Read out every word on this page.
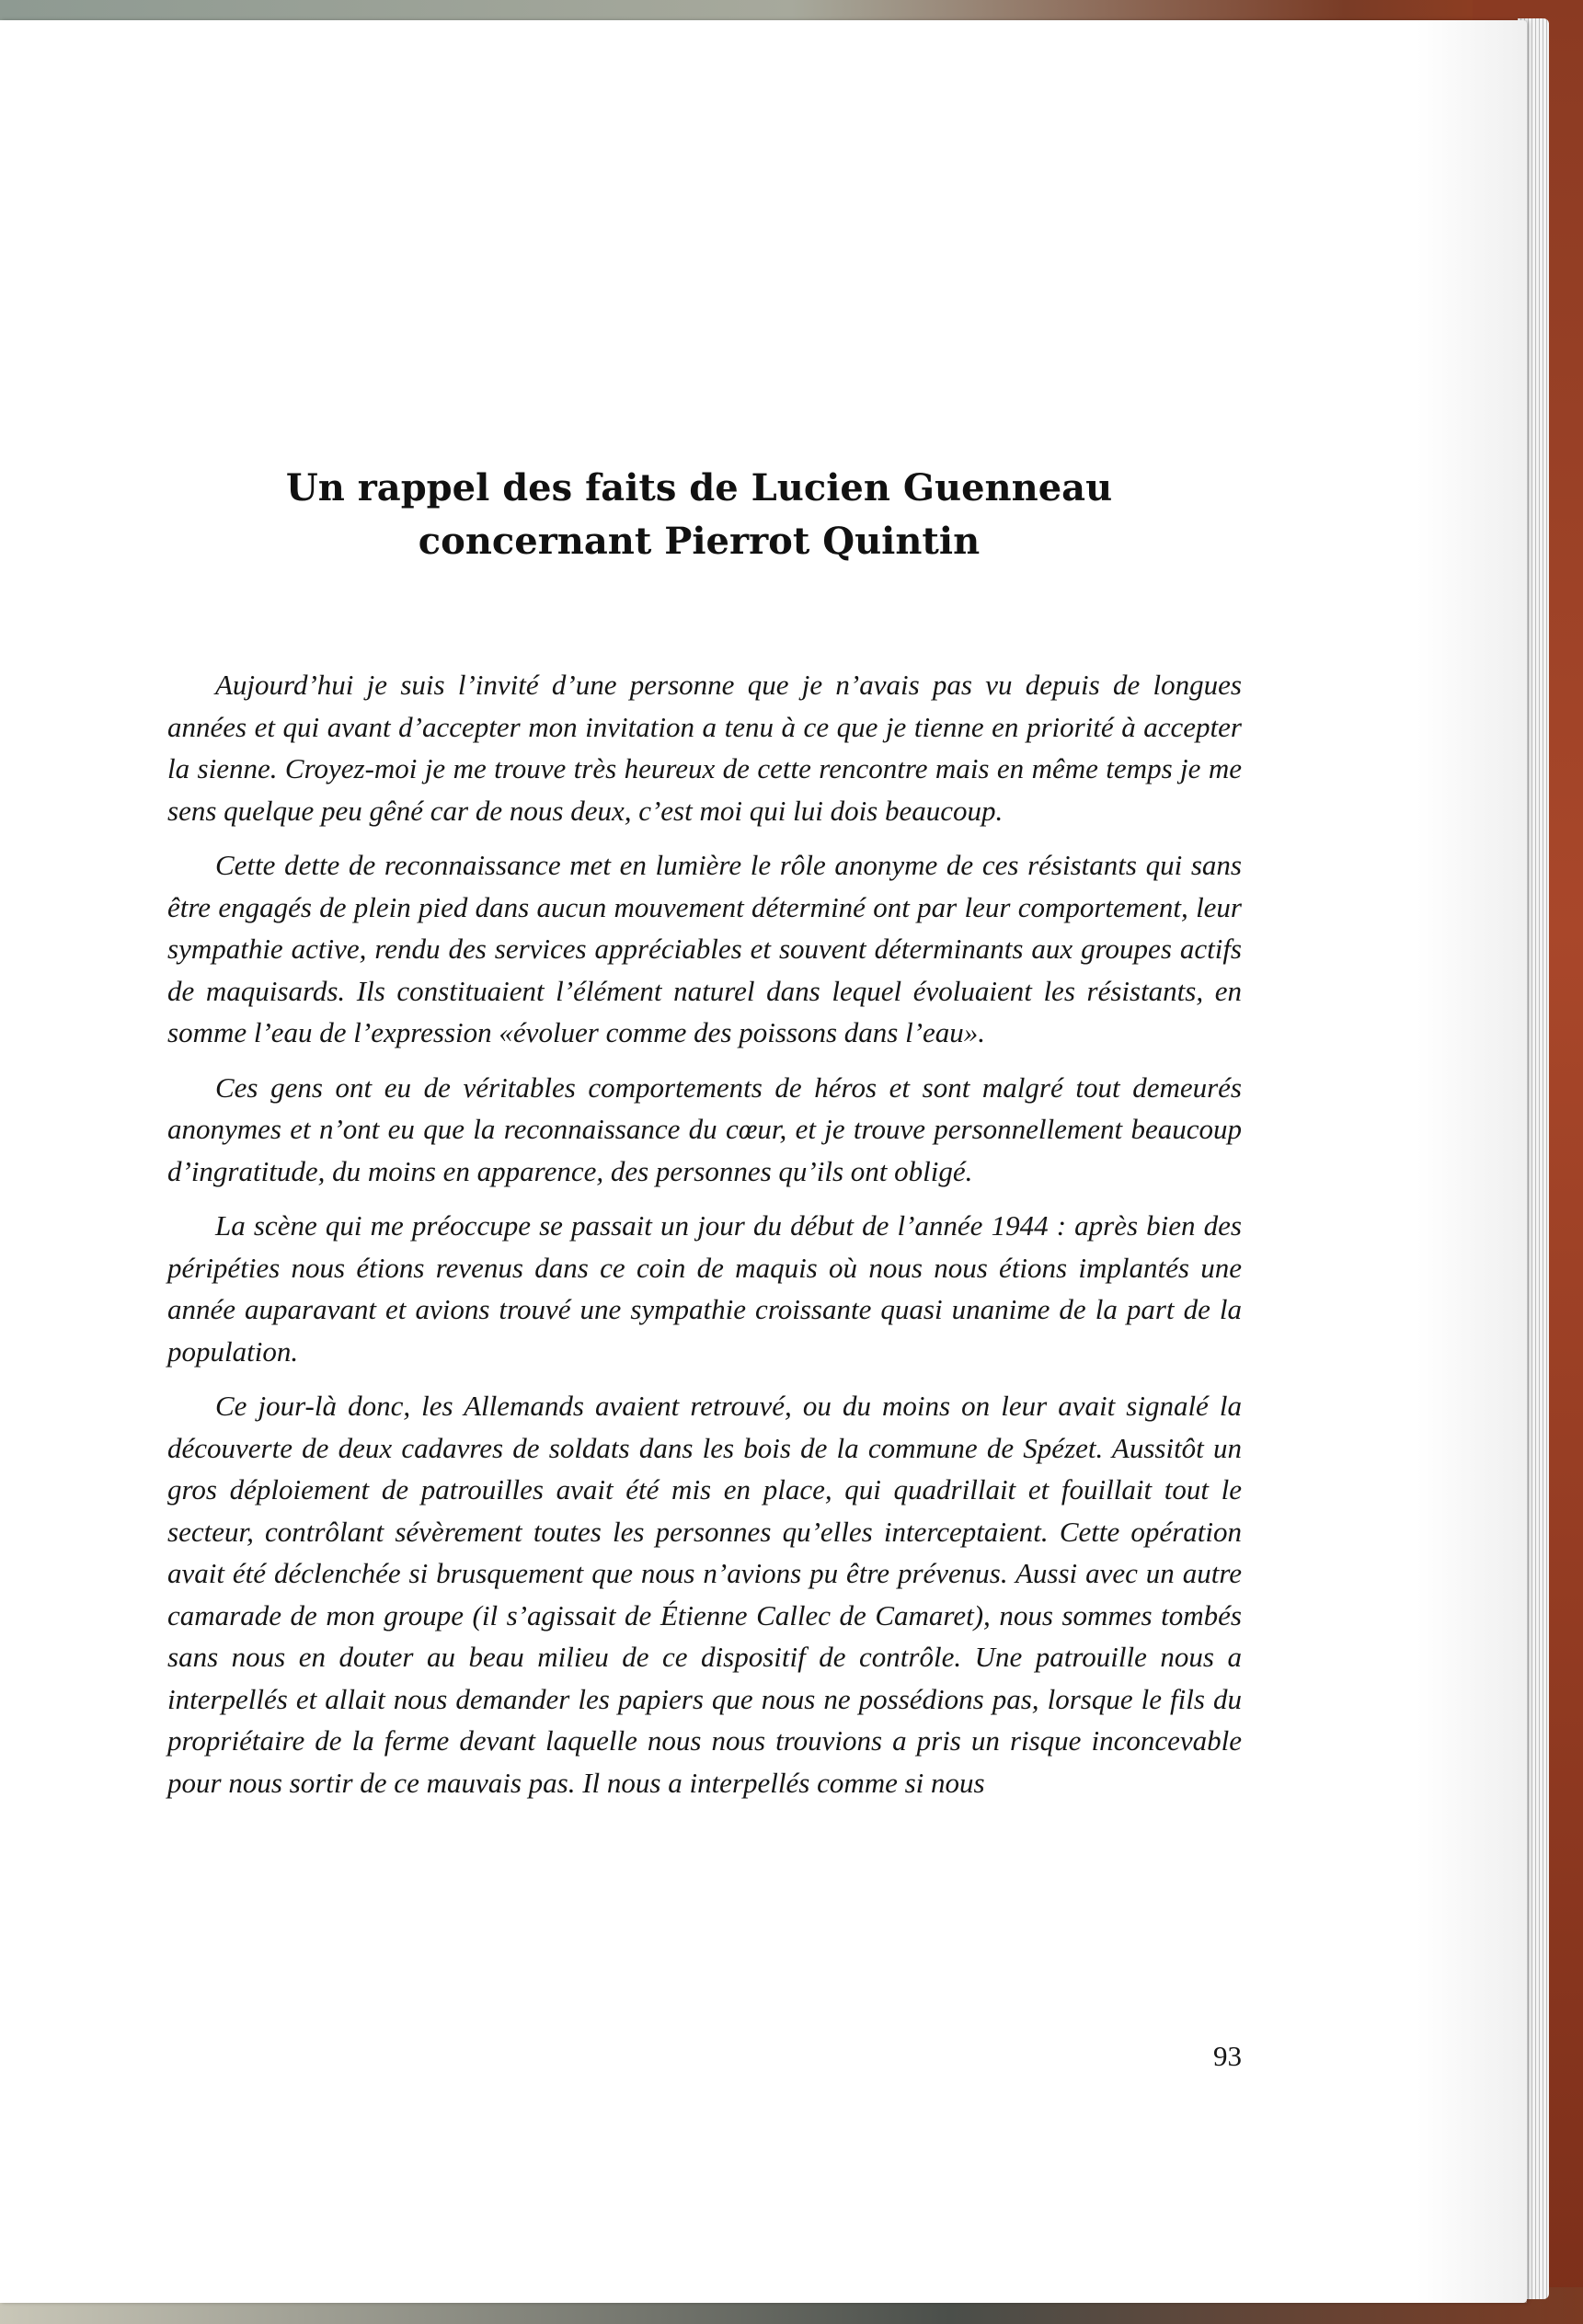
Un rappel des faits de Lucien Guenneau
concernant Pierrot Quintin

Aujourd’hui je suis l’invité d’une personne que je n’avais pas vu depuis de longues années et qui avant d’accepter mon invitation a tenu à ce que je tienne en priorité à accepter la sienne. Croyez-moi je me trouve très heureux de cette rencontre mais en même temps je me sens quelque peu gêné car de nous deux, c’est moi qui lui dois beaucoup.

Cette dette de reconnaissance met en lumière le rôle anonyme de ces résistants qui sans être engagés de plein pied dans aucun mouvement déterminé ont par leur comportement, leur sympathie active, rendu des services appréciables et souvent déterminants aux groupes actifs de maquisards. Ils constituaient l’élément naturel dans lequel évoluaient les résistants, en somme l’eau de l’expression «évoluer comme des poissons dans l’eau».

Ces gens ont eu de véritables comportements de héros et sont malgré tout demeurés anonymes et n’ont eu que la reconnaissance du cœur, et je trouve personnellement beaucoup d’ingratitude, du moins en apparence, des personnes qu’ils ont obligé.

La scène qui me préoccupe se passait un jour du début de l’année 1944 : après bien des péripéties nous étions revenus dans ce coin de maquis où nous nous étions implantés une année auparavant et avions trouvé une sympathie croissante quasi unanime de la part de la population.

Ce jour-là donc, les Allemands avaient retrouvé, ou du moins on leur avait signalé la découverte de deux cadavres de soldats dans les bois de la commune de Spézet. Aussitôt un gros déploiement de patrouilles avait été mis en place, qui quadrillait et fouillait tout le secteur, contrôlant sévèrement toutes les personnes qu’elles interceptaient. Cette opération avait été déclenchée si brusquement que nous n’avions pu être prévenus. Aussi avec un autre camarade de mon groupe (il s’agissait de Étienne Callec de Camaret), nous sommes tombés sans nous en douter au beau milieu de ce dispositif de contrôle. Une patrouille nous a interpellés et allait nous demander les papiers que nous ne possédions pas, lorsque le fils du propriétaire de la ferme devant laquelle nous nous trouvions a pris un risque inconcevable pour nous sortir de ce mauvais pas. Il nous a interpellés comme si nous

93
